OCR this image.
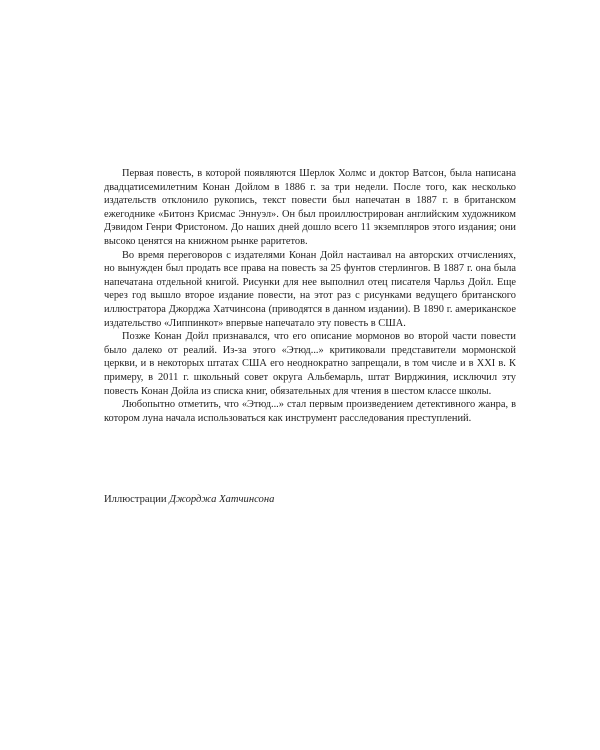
Первая повесть, в которой появляются Шерлок Холмс и доктор Ватсон, была написана двадцатисемилетним Конан Дойлом в 1886 г. за три недели. После того, как несколько издательств отклонило рукопись, текст повести был напечатан в 1887 г. в британском ежегоднике «Битонз Крисмас Эннуэл». Он был проиллюстрирован английским художником Дэвидом Генри Фристоном. До наших дней дошло всего 11 экземпляров этого издания; они высоко ценятся на книжном рынке раритетов.

Во время переговоров с издателями Конан Дойл настаивал на авторских отчислениях, но вынужден был продать все права на повесть за 25 фунтов стерлингов. В 1887 г. она была напечатана отдельной книгой. Рисунки для нее выполнил отец писателя Чарльз Дойл. Еще через год вышло второе издание повести, на этот раз с рисунками ведущего британского иллюстратора Джорджа Хатчинсона (приводятся в данном издании). В 1890 г. американское издательство «Липпинкот» впервые напечатало эту повесть в США.

Позже Конан Дойл признавался, что его описание мормонов во второй части повести было далеко от реалий. Из-за этого «Этюд...» критиковали представители мормонской церкви, и в некоторых штатах США его неоднократно запрещали, в том числе и в XXI в. К примеру, в 2011 г. школьный совет округа Альбемарль, штат Вирджиния, исключил эту повесть Конан Дойла из списка книг, обязательных для чтения в шестом классе школы.

Любопытно отметить, что «Этюд...» стал первым произведением детективного жанра, в котором луна начала использоваться как инструмент расследования преступлений.

Иллюстрации Джорджа Хатчинсона
